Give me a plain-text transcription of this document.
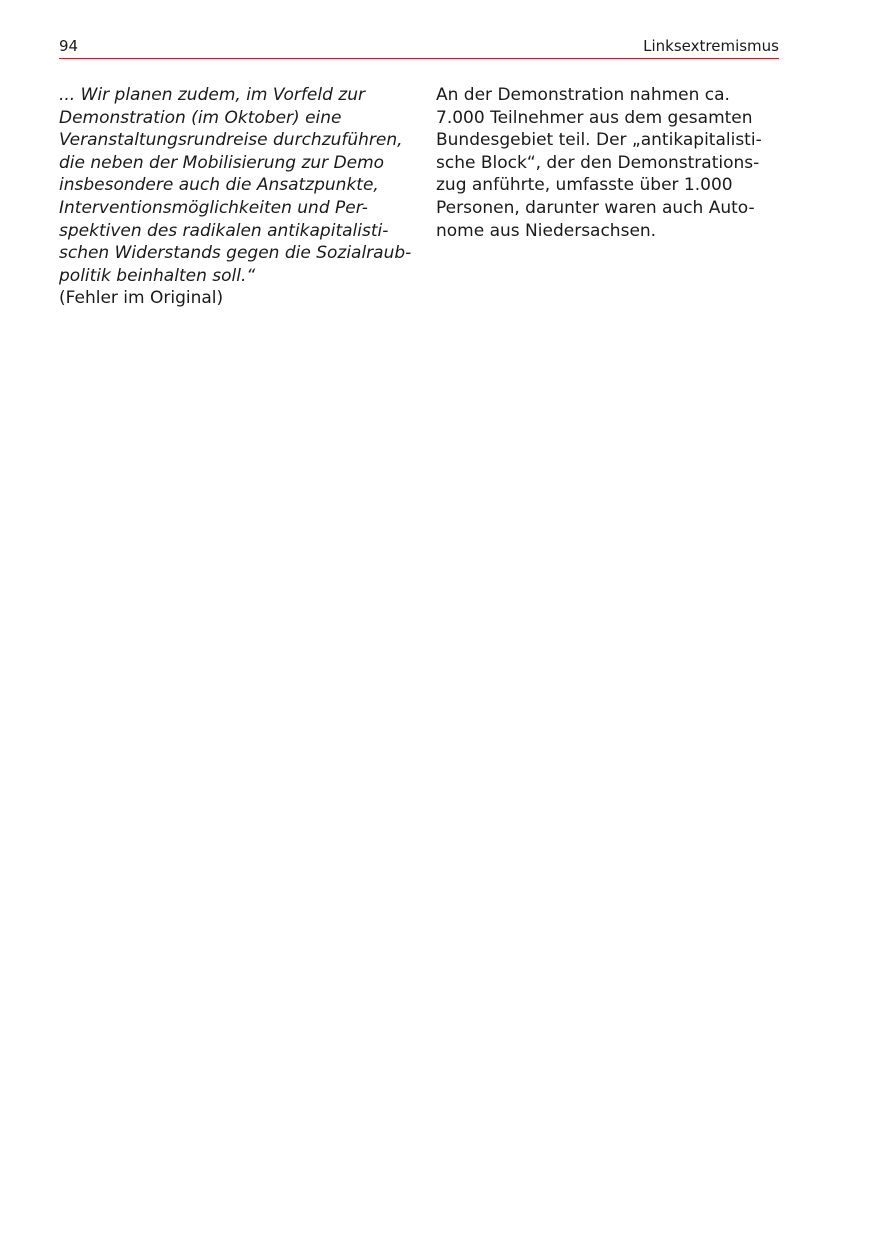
94	Linksextremismus
... Wir planen zudem, im Vorfeld zur
Demonstration (im Oktober) eine
Veranstaltungsrundreise durchzuführen,
die neben der Mobilisierung zur Demo
insbesondere auch die Ansatzpunkte,
Interventionsmöglichkeiten und Per-
spektiven des radikalen antikapitalisti-
schen Widerstands gegen die Sozialraub-
politik beinhalten soll.“
(Fehler im Original)
An der Demonstration nahmen ca.
7.000 Teilnehmer aus dem gesamten
Bundesgebiet teil. Der „antikapitalisti-
sche Block“, der den Demonstrations-
zug anführte, umfasste über 1.000
Personen, darunter waren auch Auto-
nome aus Niedersachsen.
